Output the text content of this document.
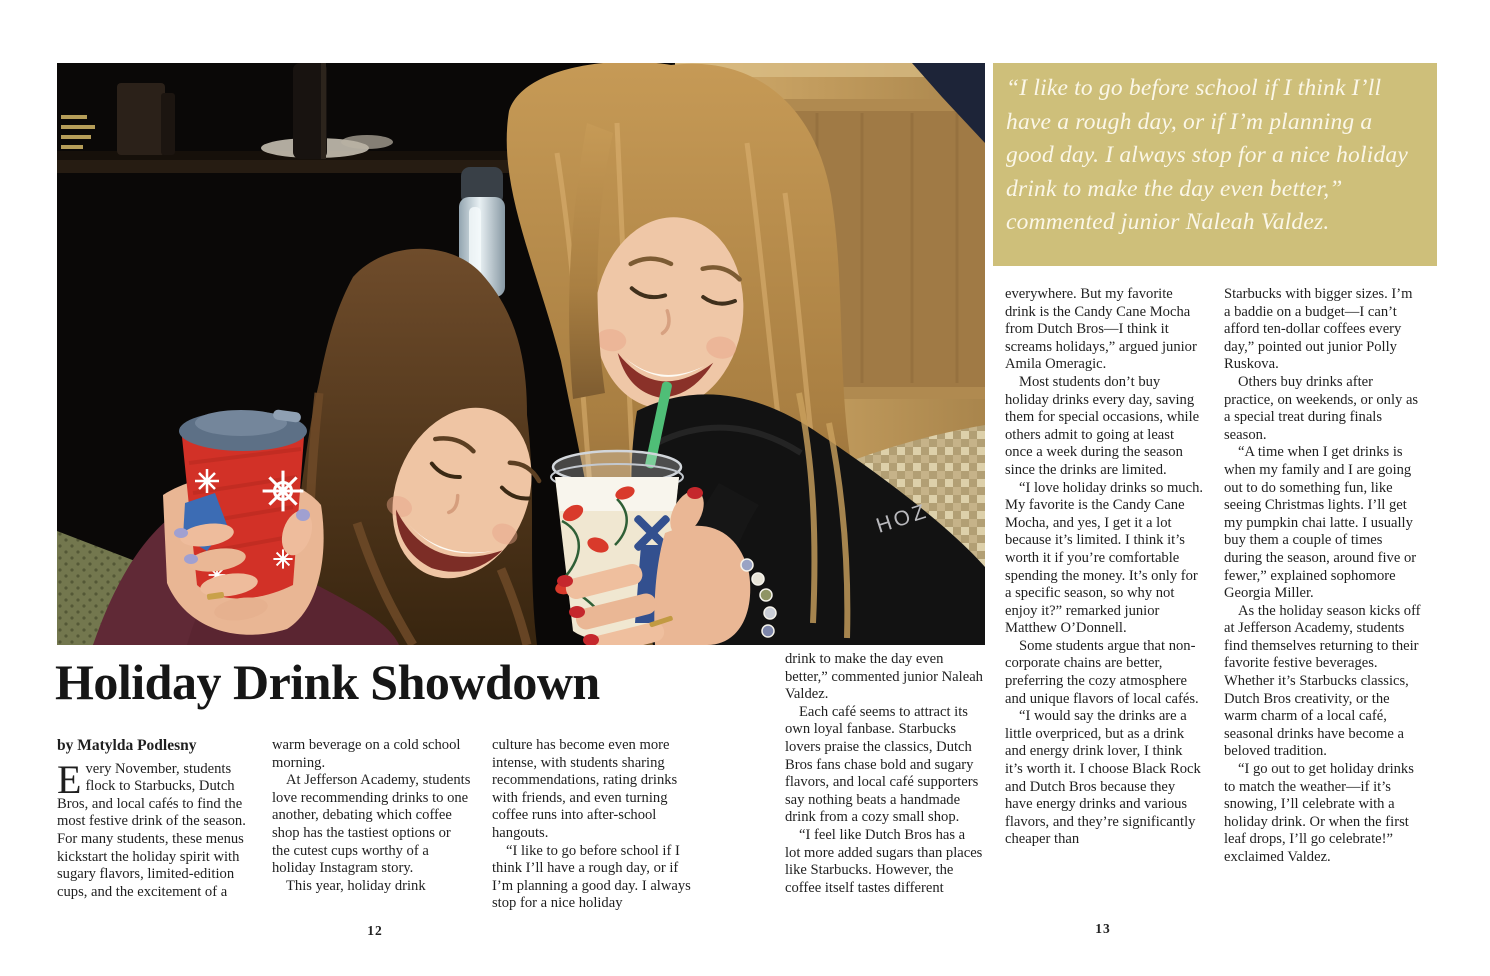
HOZ
“I like to go before school if I think I’ll have a rough day, or if I’m planning a good day. I always stop for a nice holiday drink to make the day even better,” commented junior Naleah Valdez.
Holiday Drink Showdown
by Matylda Podlesny

Every November, students flock to Starbucks, Dutch Bros, and local cafés to find the most festive drink of the season. For many students, these menus kickstart the holiday spirit with sugary flavors, limited-edition cups, and the excitement of a

warm beverage on a cold school morning.

At Jefferson Academy, students love recommending drinks to one another, debating which coffee shop has the tastiest options or the cutest cups worthy of a holiday Instagram story.

This year, holiday drink

culture has become even more intense, with students sharing recommendations, rating drinks with friends, and even turning coffee runs into after-school hangouts.

“I like to go before school if I think I’ll have a rough day, or if I’m planning a good day. I always stop for a nice holiday

drink to make the day even better,” commented junior Naleah Valdez.

Each café seems to attract its own loyal fanbase. Starbucks lovers praise the classics, Dutch Bros fans chase bold and sugary flavors, and local café supporters say nothing beats a handmade drink from a cozy small shop.

“I feel like Dutch Bros has a lot more added sugars than places like Starbucks. However, the coffee itself tastes different

everywhere. But my favorite drink is the Candy Cane Mocha from Dutch Bros—I think it screams holidays,” argued junior Amila Omeragic.

Most students don’t buy holiday drinks every day, saving them for special occasions, while others admit to going at least once a week during the season since the drinks are limited.

“I love holiday drinks so much. My favorite is the Candy Cane Mocha, and yes, I get it a lot because it’s limited. I think it’s worth it if you’re comfortable spending the money. It’s only for a specific season, so why not enjoy it?” remarked junior Matthew O’Donnell.

Some students argue that non-corporate chains are better, preferring the cozy atmosphere and unique flavors of local cafés.

“I would say the drinks are a little overpriced, but as a drink and energy drink lover, I think it’s worth it. I choose Black Rock and Dutch Bros because they have energy drinks and various flavors, and they’re significantly cheaper than

Starbucks with bigger sizes. I’m a baddie on a budget—I can’t afford ten-dollar coffees every day,” pointed out junior Polly Ruskova.

Others buy drinks after practice, on weekends, or only as a special treat during finals season.

“A time when I get drinks is when my family and I are going out to do something fun, like seeing Christmas lights. I’ll get my pumpkin chai latte. I usually buy them a couple of times during the season, around five or fewer,” explained sophomore Georgia Miller.

As the holiday season kicks off at Jefferson Academy, students find themselves returning to their favorite festive beverages. Whether it’s Starbucks classics, Dutch Bros creativity, or the warm charm of a local café, seasonal drinks have become a beloved tradition.

“I go out to get holiday drinks to match the weather—if it’s snowing, I’ll celebrate with a holiday drink. Or when the first leaf drops, I’ll go celebrate!” exclaimed Valdez.

12	13
